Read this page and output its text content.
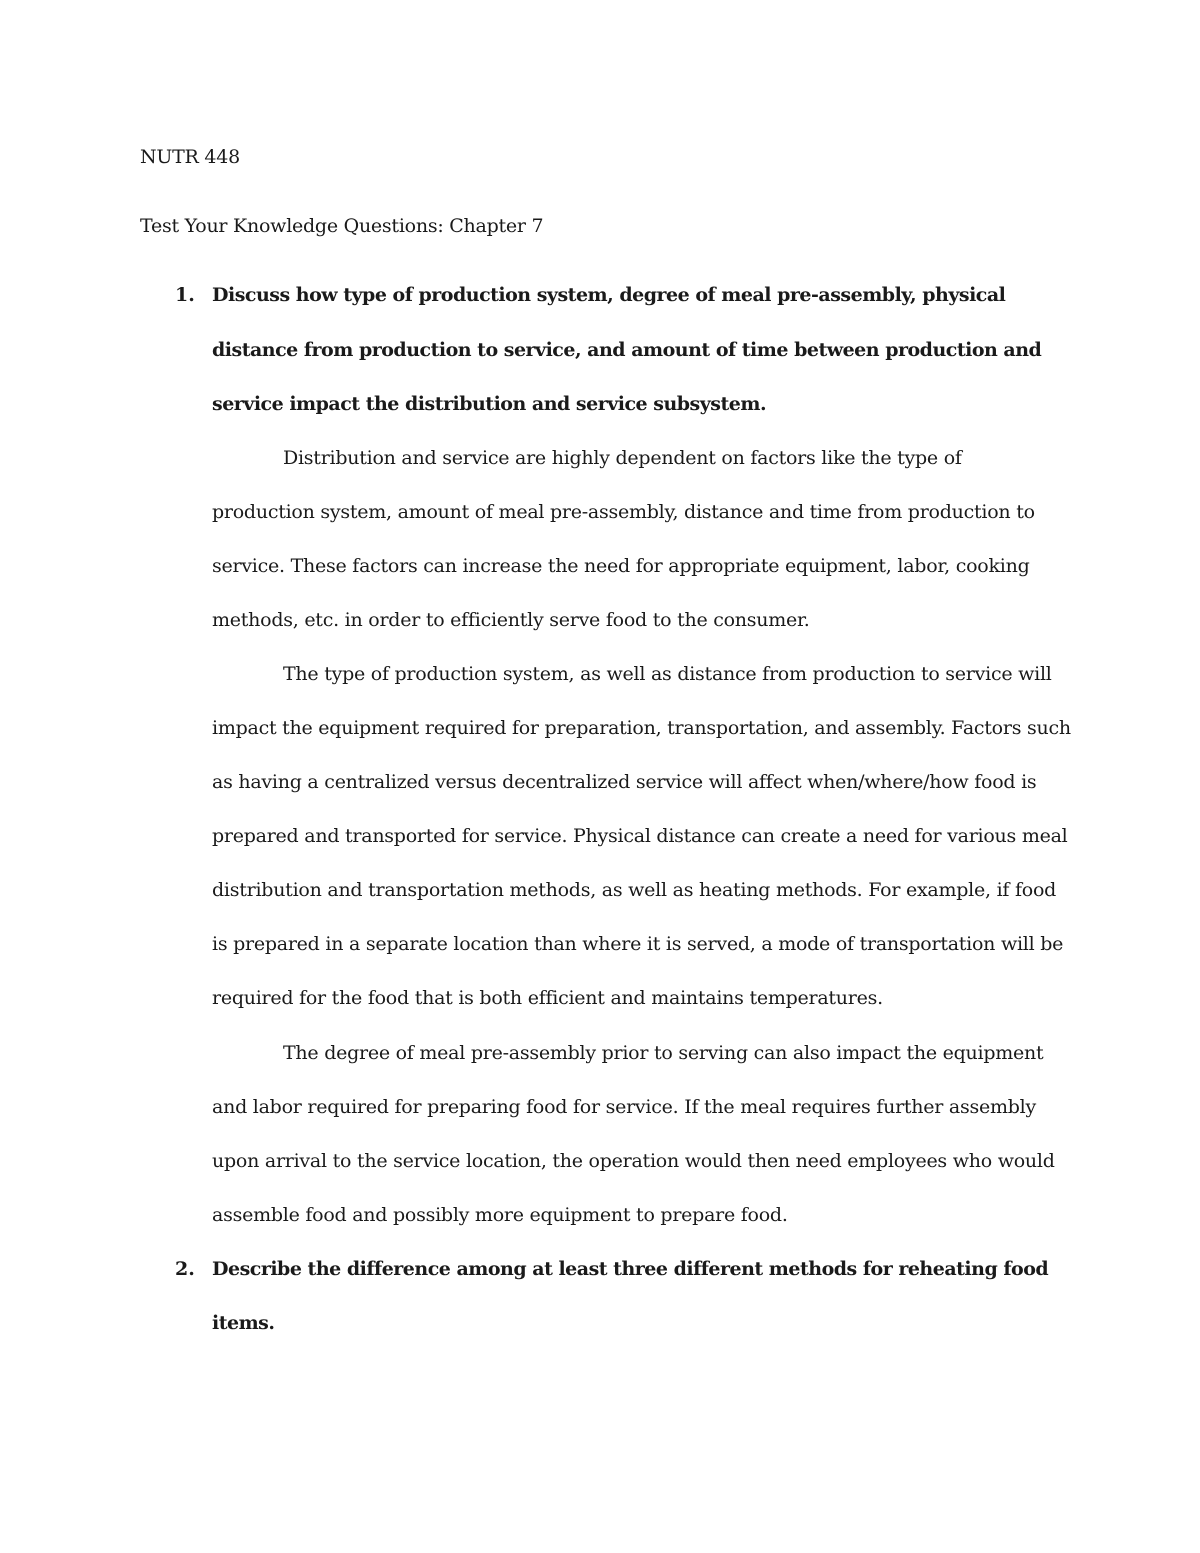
NUTR 448
Test Your Knowledge Questions: Chapter 7
1. Discuss how type of production system, degree of meal pre-assembly, physical
distance from production to service, and amount of time between production and
service impact the distribution and service subsystem.
Distribution and service are highly dependent on factors like the type of
production system, amount of meal pre-assembly, distance and time from production to
service. These factors can increase the need for appropriate equipment, labor, cooking
methods, etc. in order to efficiently serve food to the consumer.
The type of production system, as well as distance from production to service will
impact the equipment required for preparation, transportation, and assembly. Factors such
as having a centralized versus decentralized service will affect when/where/how food is
prepared and transported for service. Physical distance can create a need for various meal
distribution and transportation methods, as well as heating methods. For example, if food
is prepared in a separate location than where it is served, a mode of transportation will be
required for the food that is both efficient and maintains temperatures.
The degree of meal pre-assembly prior to serving can also impact the equipment
and labor required for preparing food for service. If the meal requires further assembly
upon arrival to the service location, the operation would then need employees who would
assemble food and possibly more equipment to prepare food.
2. Describe the difference among at least three different methods for reheating food
items.
